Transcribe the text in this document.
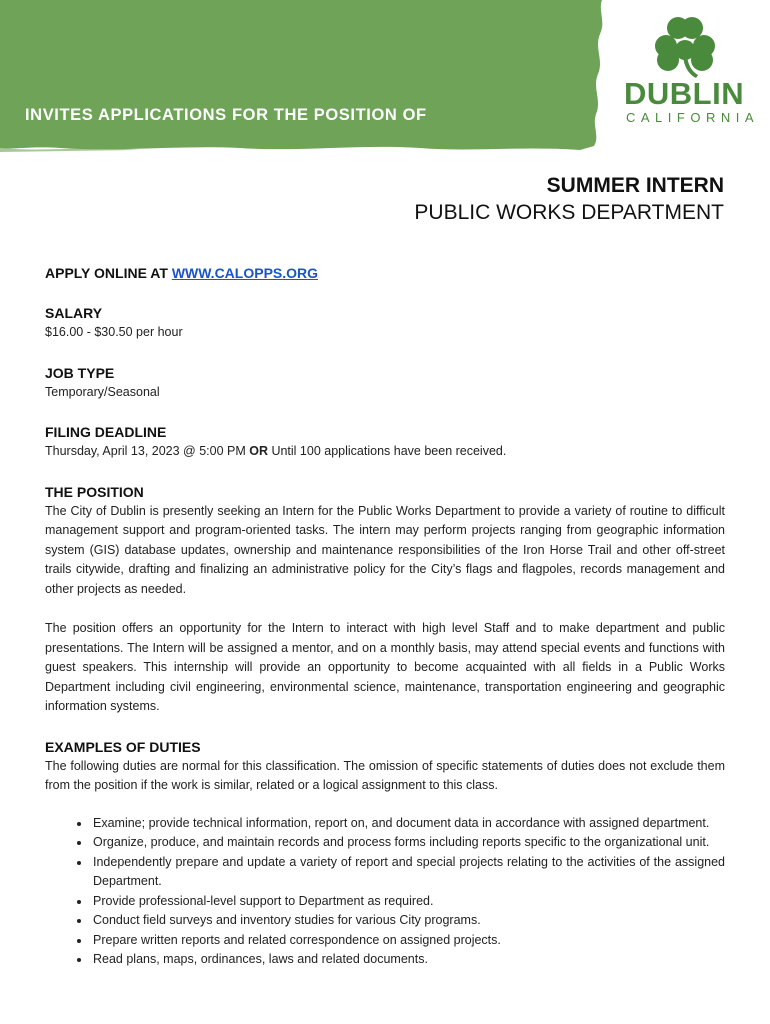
INVITES APPLICATIONS FOR THE POSITION OF
DUBLIN
CALIFORNIA
SUMMER INTERN
PUBLIC WORKS DEPARTMENT

APPLY ONLINE AT WWW.CALOPPS.ORG

SALARY

$16.00 - $30.50 per hour

JOB TYPE

Temporary/Seasonal

FILING DEADLINE

Thursday, April 13, 2023 @ 5:00 PM OR Until 100 applications have been received.

THE POSITION

The City of Dublin is presently seeking an Intern for the Public Works Department to provide a variety of routine to difficult management support and program-oriented tasks. The intern may perform projects ranging from geographic information system (GIS) database updates, ownership and maintenance responsibilities of the Iron Horse Trail and other off-street trails citywide, drafting and finalizing an administrative policy for the City’s flags and flagpoles, records management and other projects as needed.

The position offers an opportunity for the Intern to interact with high level Staff and to make department and public presentations. The Intern will be assigned a mentor, and on a monthly basis, may attend special events and functions with guest speakers. This internship will provide an opportunity to become acquainted with all fields in a Public Works Department including civil engineering, environmental science, maintenance, transportation engineering and geographic information systems.

EXAMPLES OF DUTIES

The following duties are normal for this classification. The omission of specific statements of duties does not exclude them from the position if the work is similar, related or a logical assignment to this class.

• Examine; provide technical information, report on, and document data in accordance with assigned department.
• Organize, produce, and maintain records and process forms including reports specific to the organizational unit.
• Independently prepare and update a variety of report and special projects relating to the activities of the assigned Department.
• Provide professional-level support to Department as required.
• Conduct field surveys and inventory studies for various City programs.
• Prepare written reports and related correspondence on assigned projects.
• Read plans, maps, ordinances, laws and related documents.
